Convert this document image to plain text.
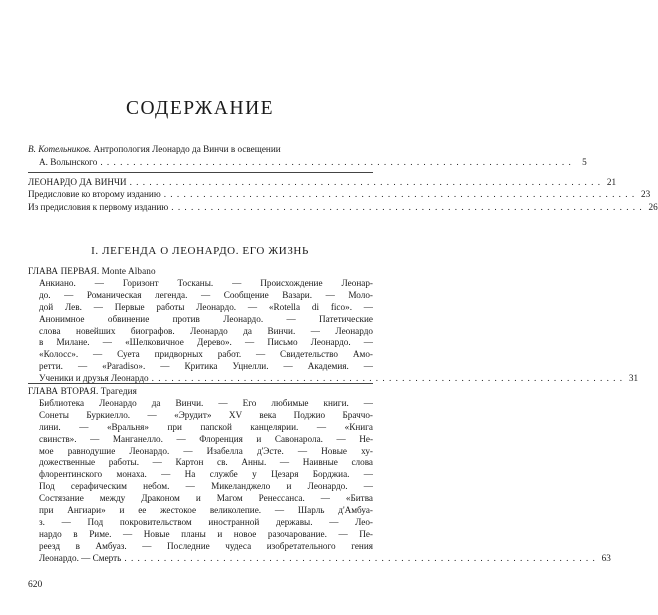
СОДЕРЖАНИЕ
В. Котельников. Антропология Леонардо да Винчи в освещении
А. Волынского . . . . . . . . . . . . . . . . . . . . . . . . . . . . . . . . . . . . . . . . . . . . . . . . . . . . . . . . . . . . . . . . . . . . . . . .	5
ЛЕОНАРДО ДА ВИНЧИ . . . . . . . . . . . . . . . . . . . . . . . . . . . . . . . . . . . . . . . . . . . . . . . . . . . . . . . . . . . . . . . . . . . . . . . . 21
Предисловие ко второму изданию . . . . . . . . . . . . . . . . . . . . . . . . . . . . . . . . . . . . . . . . . . . . . . . . . . . . . . . . . . . . . . . . . . . . . . . . 23
Из предисловия к первому изданию . . . . . . . . . . . . . . . . . . . . . . . . . . . . . . . . . . . . . . . . . . . . . . . . . . . . . . . . . . . . . . . . . . . . . . . . 26
I. ЛЕГЕНДА О ЛЕОНАРДО. ЕГО ЖИЗНЬ
ГЛАВА ПЕРВАЯ. Monte Albano
Анкиано. — Горизонт Тосканы. — Происхождение Леонар-
до. — Романическая легенда. — Сообщение Вазари. — Моло-
дой Лев. — Первые работы Леонардо. — «Rotella di fico». —
Анонимное обвинение против Леонардо. — Патетические
слова новейших биографов. Леонардо да Винчи. — Леонардо
в Милане. — «Шелковичное Дерево». — Письмо Леонардо. —
«Колосс». — Суета придворных работ. — Свидетельство Амо-
ретти. — «Paradiso». — Критика Уцнелли. — Академия. —
Ученики и друзья Леонардо . . . . . . . . . . . . . . . . . . . . . . . . . . . . . . . . . . . . . . . . . . . . . . . . . . . . . . . . . . . . . . . . . . . . . . . . 31
ГЛАВА ВТОРАЯ. Трагедия
Библиотека Леонардо да Винчи. — Его любимые книги. —
Сонеты Буркиелло. — «Эрудит» XV века Поджио Браччо-
лини. — «Вральня» при папской канцелярии. — «Книга
свинств». — Манганелло. — Флоренция и Савонарола. — Не-
мое равнодушие Леонардо. — Изабелла д'Эсте. — Новые ху-
дожественные работы. — Картон св. Анны. — Наивные слова
флорентинского монаха. — На службе у Цезаря Борджиа. —
Под серафическим небом. — Микеланджело и Леонардо. —
Состязание между Драконом и Магом Ренессанса. — «Битва
при Ангиари» и ее жестокое великолепие. — Шарль д'Амбуа-
з. — Под покровительством иностранной державы. — Лео-
нардо в Риме. — Новые планы и новое разочарование. — Пе-
реезд в Амбуаз. — Последние чудеса изобретательного гения
Леонардо. — Смерть . . . . . . . . . . . . . . . . . . . . . . . . . . . . . . . . . . . . . . . . . . . . . . . . . . . . . . . . . . . . . . . . . . . . . . . . 63
620
